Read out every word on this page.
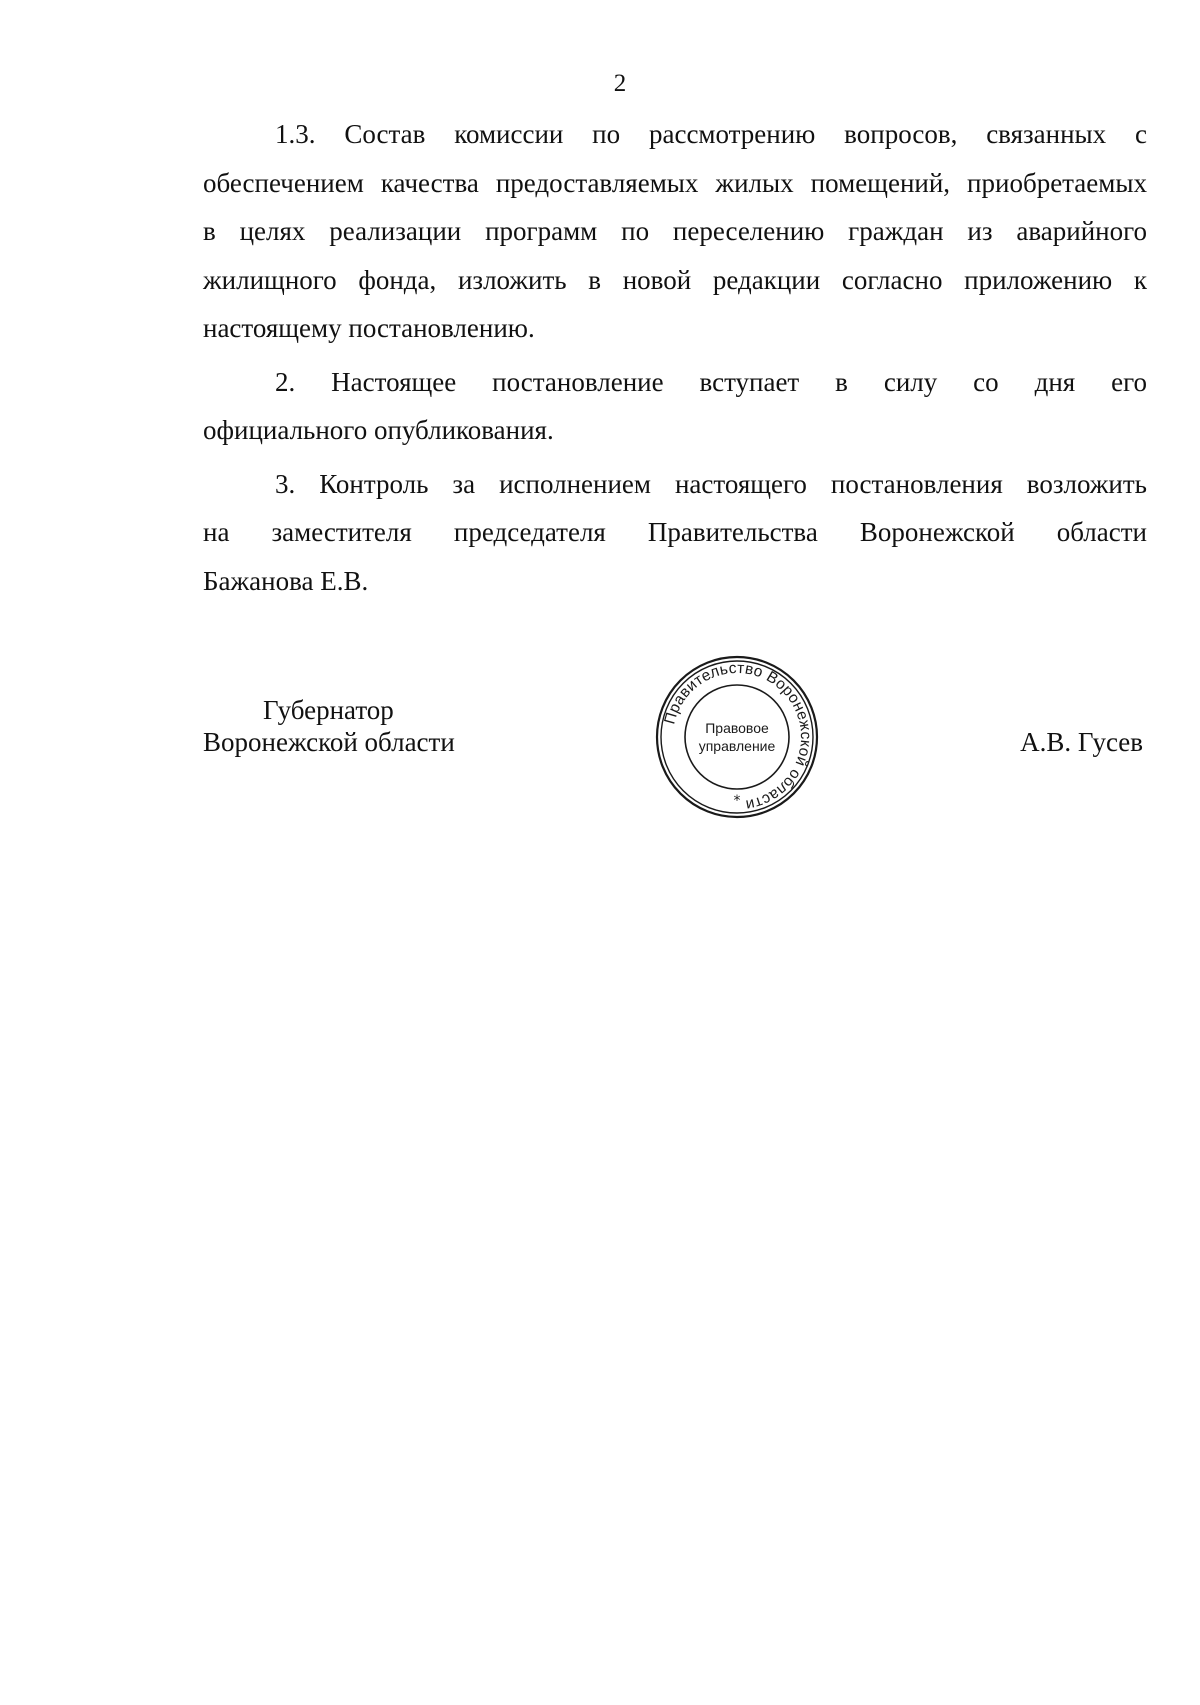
2

1.3. Состав комиссии по рассмотрению вопросов, связанных с
обеспечением качества предоставляемых жилых помещений, приобретаемых
в целях реализации программ по переселению граждан из аварийного
жилищного фонда, изложить в новой редакции согласно приложению к
настоящему постановлению.

2. Настоящее постановление вступает в силу со дня его
официального опубликования.

3. Контроль за исполнением настоящего постановления возложить
на заместителя председателя Правительства Воронежской области
Бажанова Е.В.

Губернатор
Воронежской области
Правительство Воронежской области
Правовое
управление
*
А.В. Гусев
